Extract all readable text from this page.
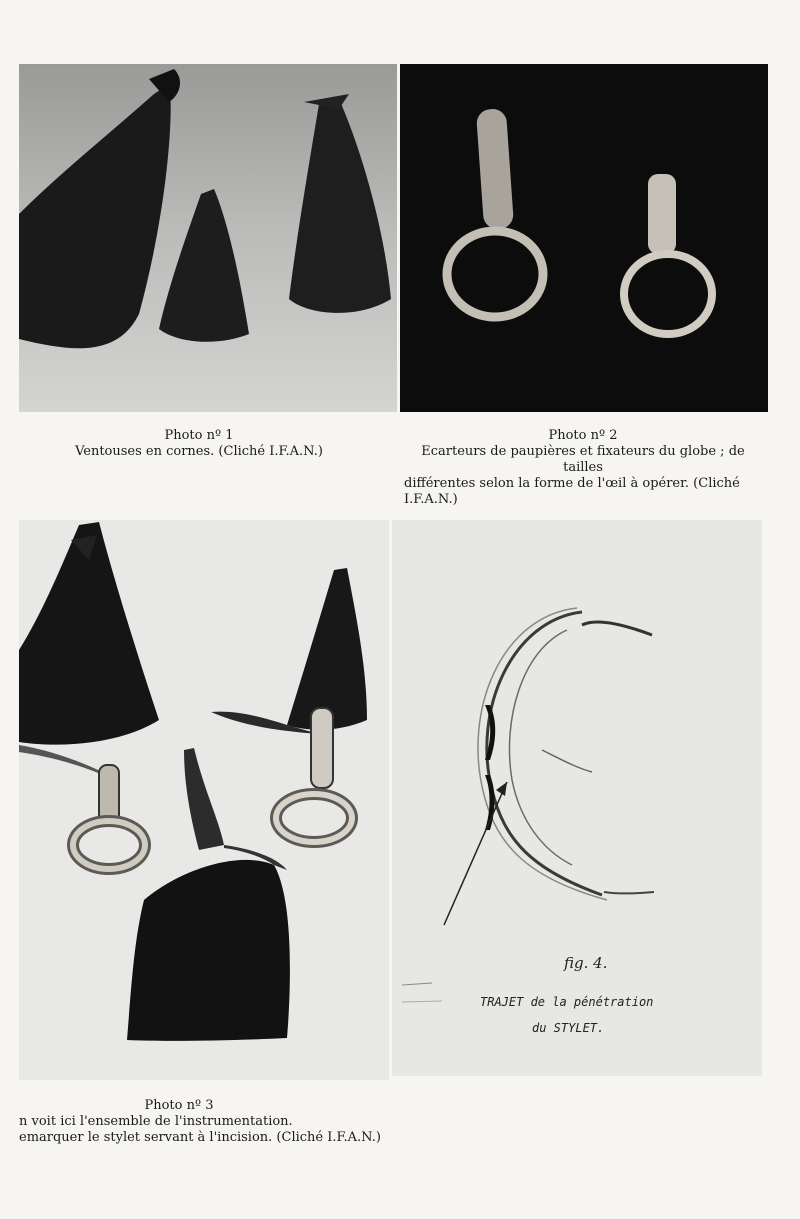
Photo nº 1
Ventouses en cornes. (Cliché I.F.A.N.)
Photo nº 2
Ecarteurs de paupières et fixateurs du globe ; de tailles
différentes selon la forme de l'œil à opérer. (Cliché
I.F.A.N.)
fig. 4.
TRAJET de la pénétration
du STYLET.
Photo nº 3
n voit ici l'ensemble de l'instrumentation.
emarquer le stylet servant à l'incision. (Cliché I.F.A.N.)
